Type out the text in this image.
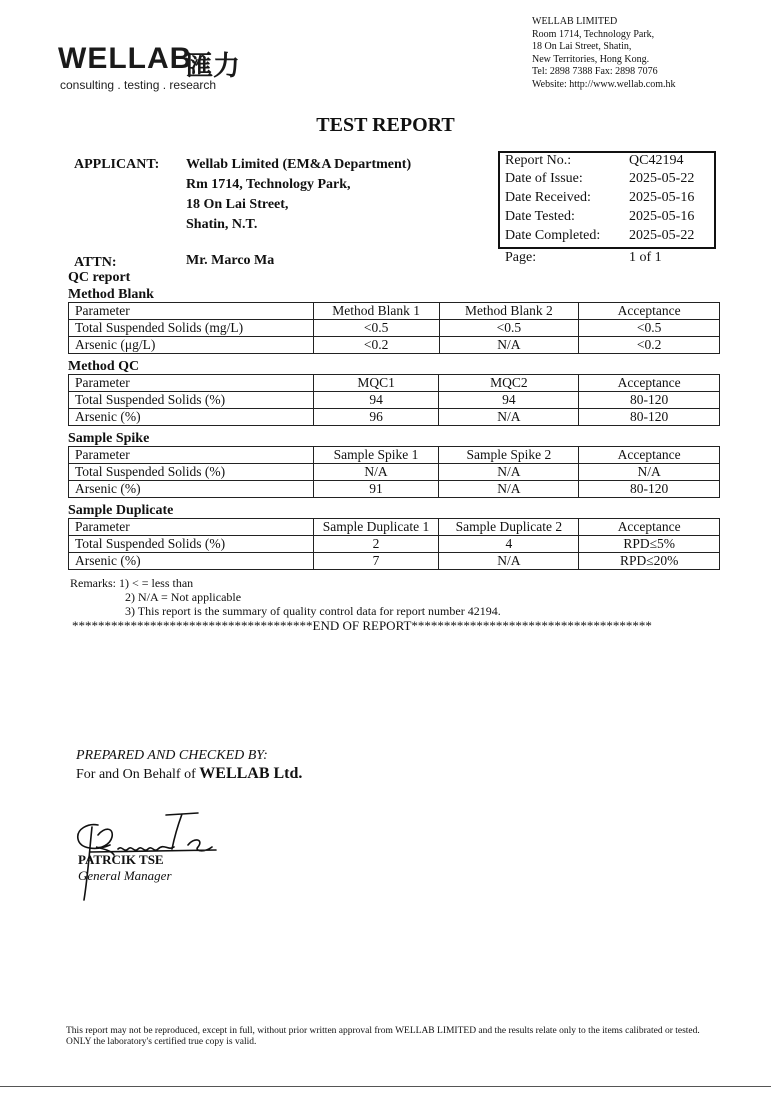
WELLAB
匯力
consulting . testing . research
WELLAB LIMITED
Room 1714, Technology Park,
18 On Lai Street, Shatin,
New Territories, Hong Kong.
Tel: 2898 7388 Fax: 2898 7076
Website: http://www.wellab.com.hk
TEST REPORT
APPLICANT: Wellab Limited (EM&A Department)
Rm 1714, Technology Park,
18 On Lai Street,
Shatin, N.T.
ATTN:	Mr. Marco Ma
Report No.:	QC42194
Date of Issue:	2025-05-22
Date Received:	2025-05-16
Date Tested:	2025-05-16
Date Completed: 2025-05-22
Page:	1 of 1
QC report
Method Blank
Parameter	Method Blank 1	Method Blank 2	Acceptance
Total Suspended Solids (mg/L)	<0.5	<0.5	<0.5
Arsenic (μg/L)	<0.2	N/A	<0.2
Method QC
Parameter	MQC1	MQC2	Acceptance
Total Suspended Solids (%)	94	94	80-120
Arsenic (%)	96	N/A	80-120
Sample Spike
Parameter	Sample Spike 1	Sample Spike 2	Acceptance
Total Suspended Solids (%)	N/A	N/A	N/A
Arsenic (%)	91	N/A	80-120
Sample Duplicate
Parameter	Sample Duplicate 1	Sample Duplicate 2	Acceptance
Total Suspended Solids (%)	2	4	RPD≤5%
Arsenic (%)	7	N/A	RPD≤20%
Remarks: 1) < = less than
2) N/A = Not applicable
3) This report is the summary of quality control data for report number 42194.
*************************************END OF REPORT*************************************
PREPARED AND CHECKED BY:
For and On Behalf of WELLAB Ltd.
PATRCIK TSE
General Manager
This report may not be reproduced, except in full, without prior written approval from WELLAB LIMITED and the results relate only to the items calibrated or tested. ONLY the laboratory's certified true copy is valid.
